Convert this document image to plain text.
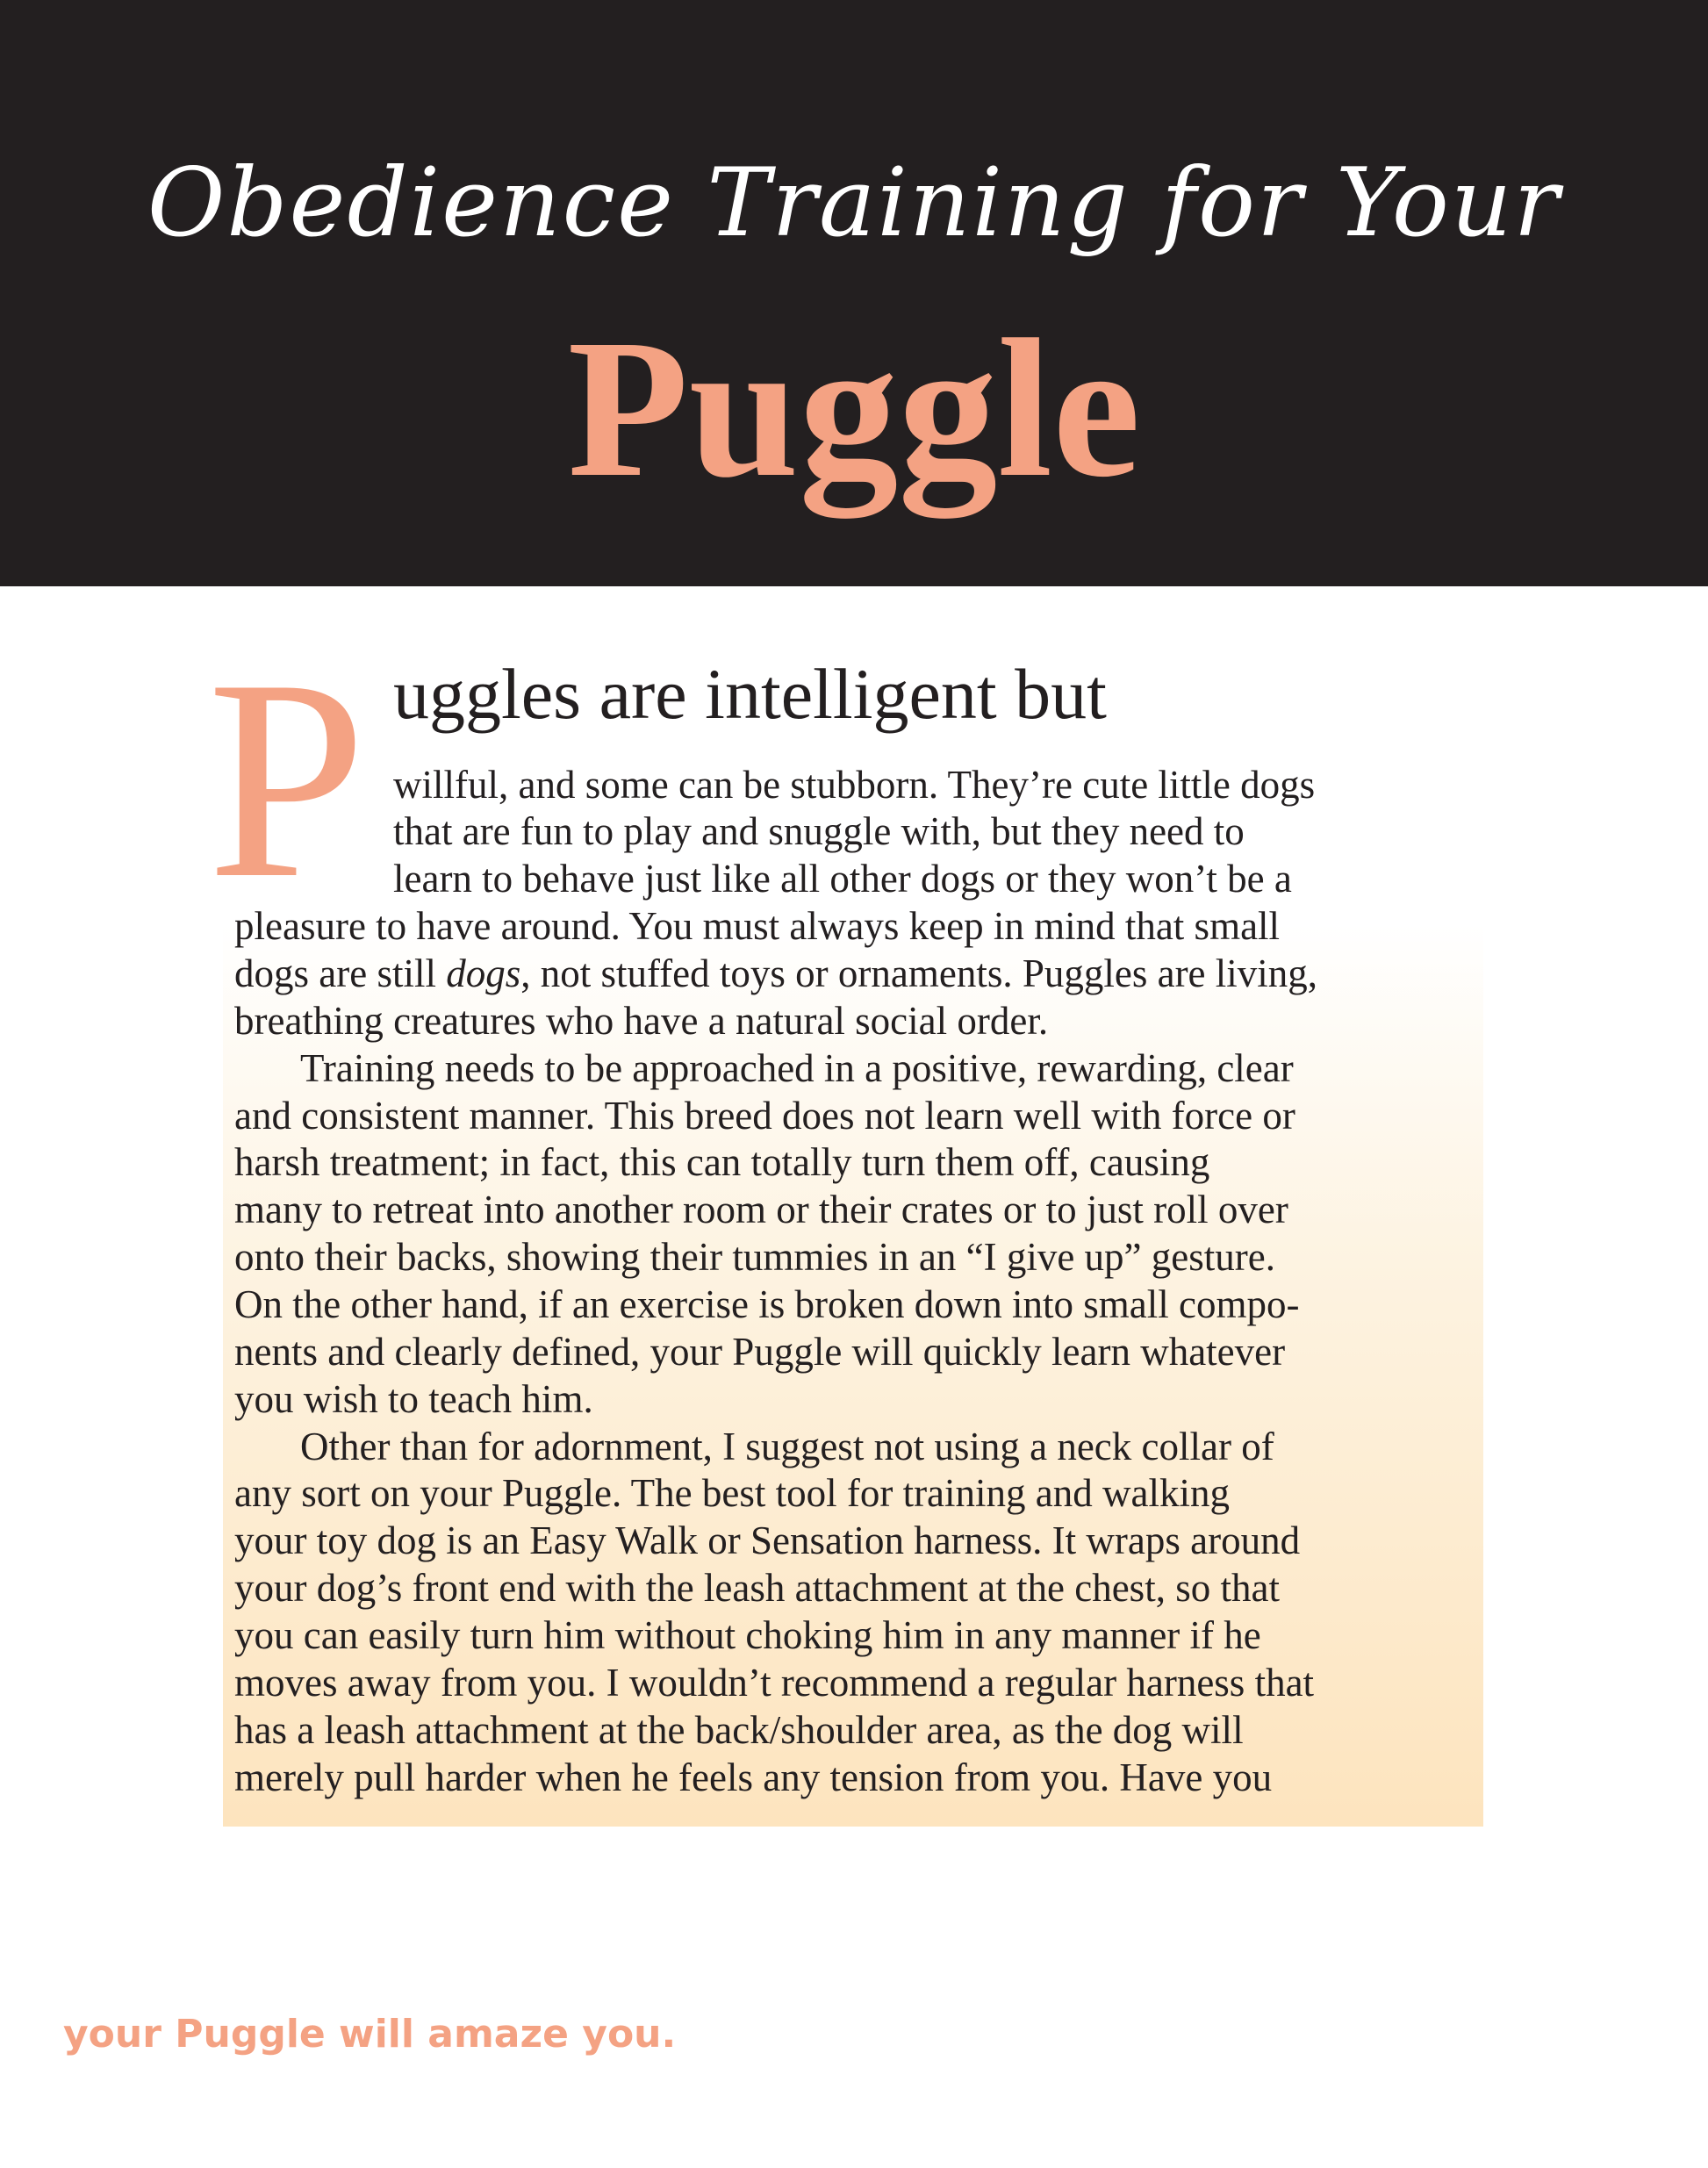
Obedience Training for Your
Puggle
P uggles are intelligent but
willful, and some can be stubborn. They’re cute little dogs
that are fun to play and snuggle with, but they need to
learn to behave just like all other dogs or they won’t be a
pleasure to have around. You must always keep in mind that small
dogs are still dogs, not stuffed toys or ornaments. Puggles are living,
breathing creatures who have a natural social order.
Training needs to be approached in a positive, rewarding, clear
and consistent manner. This breed does not learn well with force or
harsh treatment; in fact, this can totally turn them off, causing
many to retreat into another room or their crates or to just roll over
onto their backs, showing their tummies in an “I give up” gesture.
On the other hand, if an exercise is broken down into small compo-
nents and clearly defined, your Puggle will quickly learn whatever
you wish to teach him.
Other than for adornment, I suggest not using a neck collar of
any sort on your Puggle. The best tool for training and walking
your toy dog is an Easy Walk or Sensation harness. It wraps around
your dog’s front end with the leash attachment at the chest, so that
you can easily turn him without choking him in any manner if he
moves away from you. I wouldn’t recommend a regular harness that
has a leash attachment at the back/shoulder area, as the dog will
merely pull harder when he feels any tension from you. Have you
your Puggle will amaze you.
